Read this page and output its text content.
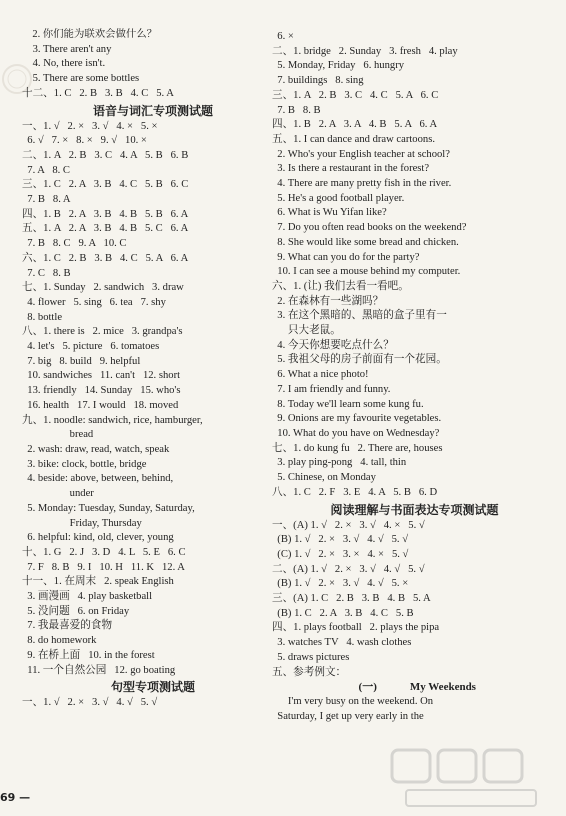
2. 你们能为联欢会做什么？
3. There aren't any
4. No, there isn't.
5. There are some bottles
十二、1. C   2. B   3. B   4. C   5. A
语音与词汇专项测试题
一、1. √   2. ×   3. √   4. ×   5. ×
6. √   7. ×   8. ×   9. √   10. ×
二、1. A   2. B   3. C   4. A   5. B   6. B
7. A   8. C
三、1. C   2. A   3. B   4. C   5. B   6. C
7. B   8. A
四、1. B   2. A   3. B   4. B   5. B   6. A
五、1. A   2. A   3. B   4. B   5. C   6. A
7. B   8. C   9. A   10. C
六、1. C   2. B   3. B   4. C   5. A   6. A
7. C   8. B
七、1. Sunday   2. sandwich   3. draw
4. flower   5. sing   6. tea   7. shy
8. bottle
八、1. there is   2. mice   3. grandpa's
4. let's   5. picture   6. tomatoes
7. big   8. build   9. helpful
10. sandwiches   11. can't   12. short
13. friendly   14. Sunday   15. who's
16. health   17. I would   18. moved
九、1. noodle: sandwich, rice, hamburger,
bread
2. wash: draw, read, watch, speak
3. bike: clock, bottle, bridge
4. beside: above, between, behind,
under
5. Monday: Tuesday, Sunday, Saturday,
Friday, Thursday
6. helpful: kind, old, clever, young
十、1. G   2. J   3. D   4. L   5. E   6. C
7. F   8. B   9. I   10. H   11. K   12. A
十一、1. 在周末   2. speak English
3. 画漫画   4. play basketball
5. 没问题   6. on Friday
7. 我最喜爱的食物
8. do homework
9. 在桥上面   10. in the forest
11. 一个自然公园   12. go boating
句型专项测试题
一、1. √   2. ×   3. √   4. √   5. √
6. ×
二、1. bridge   2. Sunday   3. fresh   4. play
5. Monday, Friday   6. hungry
7. buildings   8. sing
三、1. A   2. B   3. C   4. C   5. A   6. C
7. B   8. B
四、1. B   2. A   3. A   4. B   5. A   6. A
五、1. I can dance and draw cartoons.
2. Who's your English teacher at school?
3. Is there a restaurant in the forest?
4. There are many pretty fish in the river.
5. He's a good football player.
6. What is Wu Yifan like?
7. Do you often read books on the weekend?
8. She would like some bread and chicken.
9. What can you do for the party?
10. I can see a mouse behind my computer.
六、1. (让) 我们去看一看吧。
2. 在森林有一些湖吗？
3. 在这个黑暗的、黑暗的盒子里有一
只大老鼠。
4. 今天你想要吃点什么？
5. 我祖父母的房子前面有一个花园。
6. What a nice photo!
7. I am friendly and funny.
8. Today we'll learn some kung fu.
9. Onions are my favourite vegetables.
10. What do you have on Wednesday?
七、1. do kung fu   2. There are, houses
3. play ping-pong   4. tall, thin
5. Chinese, on Monday
八、1. C   2. F   3. E   4. A   5. B   6. D
阅读理解与书面表达专项测试题
一、(A) 1. √   2. ×   3. √   4. ×   5. √
(B) 1. √   2. ×   3. √   4. √   5. √
(C) 1. √   2. ×   3. ×   4. ×   5. √
二、(A) 1. √   2. ×   3. √   4. √   5. √
(B) 1. √   2. ×   3. √   4. √   5. ×
三、(A) 1. C   2. B   3. B   4. B   5. A
(B) 1. C   2. A   3. B   4. C   5. B
四、1. plays football   2. plays the pipa
3. watches TV   4. wash clothes
5. draws pictures
五、参考例文：
(一)            My Weekends
I'm very busy on the weekend. On
Saturday, I get up very early in the
69 —
